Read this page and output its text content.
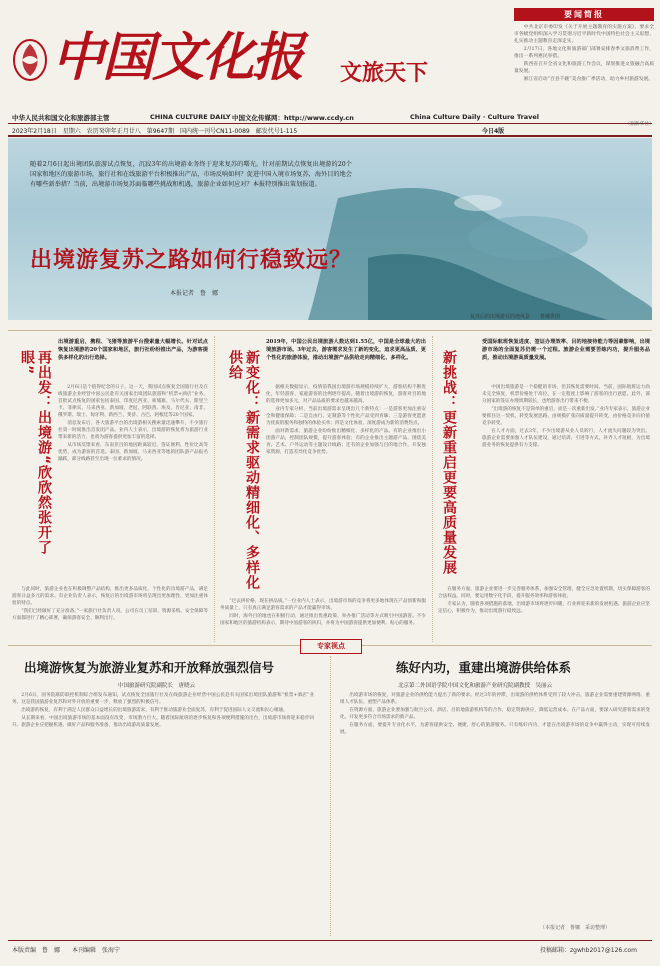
中国文化报 文旅天下
中华人民共和国文化和旅游部主管	CHINA CULTURE DAILY 中国文化传媒网：http://www.ccdy.cn	China Culture Daily · Culture Travel
2023年2月18日　星期六　农历癸卯年正月廿八　第9647期　国内统一刊号CN11-0089　邮发代号1-115	今日4版
要闻简报

中共北京市委印发《关于开展主题教育的实施方案》，要求全市各级党组织深入学习贯彻习近平新时代中国特色社会主义思想，扎实推动主题教育走深走实。

2月17日，各地文化和旅游部门部署安排春季文旅消费工作，推出一系列惠民举措。

陕西省召开全省文化和旅游工作会议，谋划推进文旅融合高质量发展。

浙江省启动“百县千碗”美食推广季活动，助力乡村旅游发展。

（据新华社）
随着2月6日起出境团队旅游试点恢复，沉寂3年的出境游业务终于迎来复苏的曙光。针对前期试点恢复出境游的20个国家和地区的旅游市场，旅行社和在线旅游平台积极推出产品，市场反响如何？促进中国入境市场复苏，海外目的地会有哪些新举措？当前，出境游市场复苏面临哪些挑战和机遇，旅游企业如何应对？本报特别推出策划报道。
出境游复苏之路如何行稳致远？
本报记者　鲁　娜
复苏后的出境游目的地风景　　鲁娜供图
再出发：出境游“欣欣然张开了眼”
出境游重启，携程、飞猪等旅游平台搜索量大幅增长。针对试点恢复出境游的20个国家和地区，旅行社纷纷推出产品，为游客提供多样化的出行选择。

2月6日是个值得纪念的日子。这一天，我国试点恢复全国旅行社及在线旅游企业经营中国公民赴有关国家出境团队旅游和“机票+酒店”业务。首批试点恢复的国家包括泰国、印度尼西亚、柬埔寨、马尔代夫、斯里兰卡、菲律宾、马来西亚、新加坡、老挝、阿联酋、埃及、肯尼亚、南非、俄罗斯、瑞士、匈牙利、新西兰、斐济、古巴、阿根廷等20个国家。

消息发布后，各大旅游平台的出境游相关搜索量迅速攀升，不少旅行社第一时间推出首发团产品。业内人士表示，出境游的恢复将为旅游行业带来新的活力，也将为游客提供更加丰富的选择。

从市场反馈来看，东南亚目的地因距离较近、签证便利、性价比高等优势，成为游客的首选。泰国、新加坡、马来西亚等地的团队游产品报名踊跃，部分线路甚至出现一位难求的情况。

与此同时，旅游企业也在积极调整产品结构，推出更多品质化、个性化的出境游产品，满足游客日益多元的需求。有企业负责人表示，恢复后的出境游市场将呈现出更加理性、更加注重体验的特点。

“我们已经做好了充分准备。”一家旅行社负责人说，公司在员工培训、资源采购、安全保障等方面都进行了精心部署，确保游客安全、顺利出行。

新变化：新需求驱动精细化、多样化供给
2019年，中国公民出境旅游人数达到1.55亿，中国是全球最大的出境旅游市场。3年过去，游客需求发生了新的变化，追求更高品质、更个性化的旅游体验，推动出境游产品供给走向精细化、多样化。

据相关数据显示，疫情前我国出境游市场规模持续扩大，游客结构不断优化，年轻游客、家庭游客的比例逐年提高。随着出境游的恢复，游客对目的地的选择更加多元，对产品品质的要求也越来越高。

业内专家分析，当前出境游需求呈现出几个新特点：一是游客更加注重安全和健康保障；二是自由行、定制游等个性化产品受到青睐；三是游客更愿意为优质的服务和独特的体验买单；四是文化体验、深度游成为新的消费热点。

面对新需求，旅游企业纷纷推出精细化、多样化的产品。有的企业推出小团游产品，控制团队规模，提升游客体验；有的企业推出主题游产品，围绕美食、艺术、户外运动等主题设计线路；还有的企业加强与目的地合作，开发独家资源，打造差异化竞争优势。

“过去拼价格，现在拼品质。”一位业内人士表示，出境游市场的竞争将更多地体现在产品创新和服务质量上，只有真正满足游客需求的产品才能赢得市场。

同时，海外目的地也在积极行动，通过推出优惠政策、举办推广活动等方式吸引中国游客。不少国家和地区的旅游机构表示，期待中国游客的回归，并将为中国游客提供更加便利、贴心的服务。

新挑战：更新重启更要高质量发展
受国际航班恢复进度、签证办理效率、目的地接待能力等因素影响，出境游市场的全面复苏仍需一个过程。旅游企业需要苦练内功，提升服务品质，推动出境游高质量发展。

中国出境旅游是一个稳健的市场，但其恢复需要时间。当前，国际航班运力尚未完全恢复，机票价格处于高位，在一定程度上影响了游客的出行意愿。此外，部分国家的签证办理周期较长，也给游客出行带来不便。

“出境游的恢复不是简单的重启，而是一次重新出发。”业内专家表示，旅游企业要抓住这一契机，转变发展思路，由规模扩张向质量提升转变，由价格竞争向价值竞争转变。

在人才方面，过去3年，不少出境游从业人员转行，人才流失问题较为突出。旅游企业需要加强人才队伍建设，通过培训、引进等方式，补齐人才短板，为出境游业务的恢复提供有力支撑。

在服务方面，旅游企业要进一步完善服务体系，加强安全管理，健全应急处置机制，切实保障游客的合法权益。同时，要运用数字化手段，提升服务效率和游客体验。

专家认为，随着各项措施的落地，出境游市场将逐步回暖，行业将迎来新的发展机遇。旅游企业应坚定信心，积极作为，推动出境游行稳致远。

专家视点
出境游恢复为旅游业复苏和开放释放强烈信号
中国旅游研究院副院长　唐晓云

2月6日，国务院联防联控机制综合组发布通知，试点恢复全国旅行社及在线旅游企业经营中国公民赴有关国家出境团队旅游和“机票+酒店”业务。这是我国旅游业复苏和对外开放的重要一步，释放了强烈的积极信号。

出境游的恢复，有利于满足人民群众日益增长的出境旅游需求，有利于推动旅游业全面复苏，有利于促进国际人文交流和民心相通。

从长期来看，中国出境旅游市场的基本面没有改变，市场潜力巨大。随着国际航班的逐步恢复和各项便利措施的出台，出境游市场将迎来稳步回升。旅游企业应把握机遇，做好产品和服务准备，推动出境游高质量发展。

练好内功，重建出境游供给体系
北京第二外国语学院中国文化和旅游产业研究院副教授　吴丽云

出境游市场的恢复，对旅游企业的供给能力提出了新的要求。经过3年的停滞，出境游的供给体系受到了较大冲击，旅游企业需要重建资源网络、重组人才队伍、重塑产品体系。

在资源方面，旅游企业要加强与航空公司、酒店、目的地旅游机构等的合作，稳定资源供应，降低运营成本。在产品方面，要深入研究游客需求的变化，开发更多符合市场需求的新产品。

在服务方面，要提升专业化水平，为游客提供安全、便捷、舒心的旅游服务。只有练好内功，才能在出境游市场的竞争中赢得主动，实现可持续发展。

（本报记者　鲁娜　采访整理）
本版责编　鲁　娜　　本刊编辑　张海宁	投稿邮箱：zgwhb2017@126.com
